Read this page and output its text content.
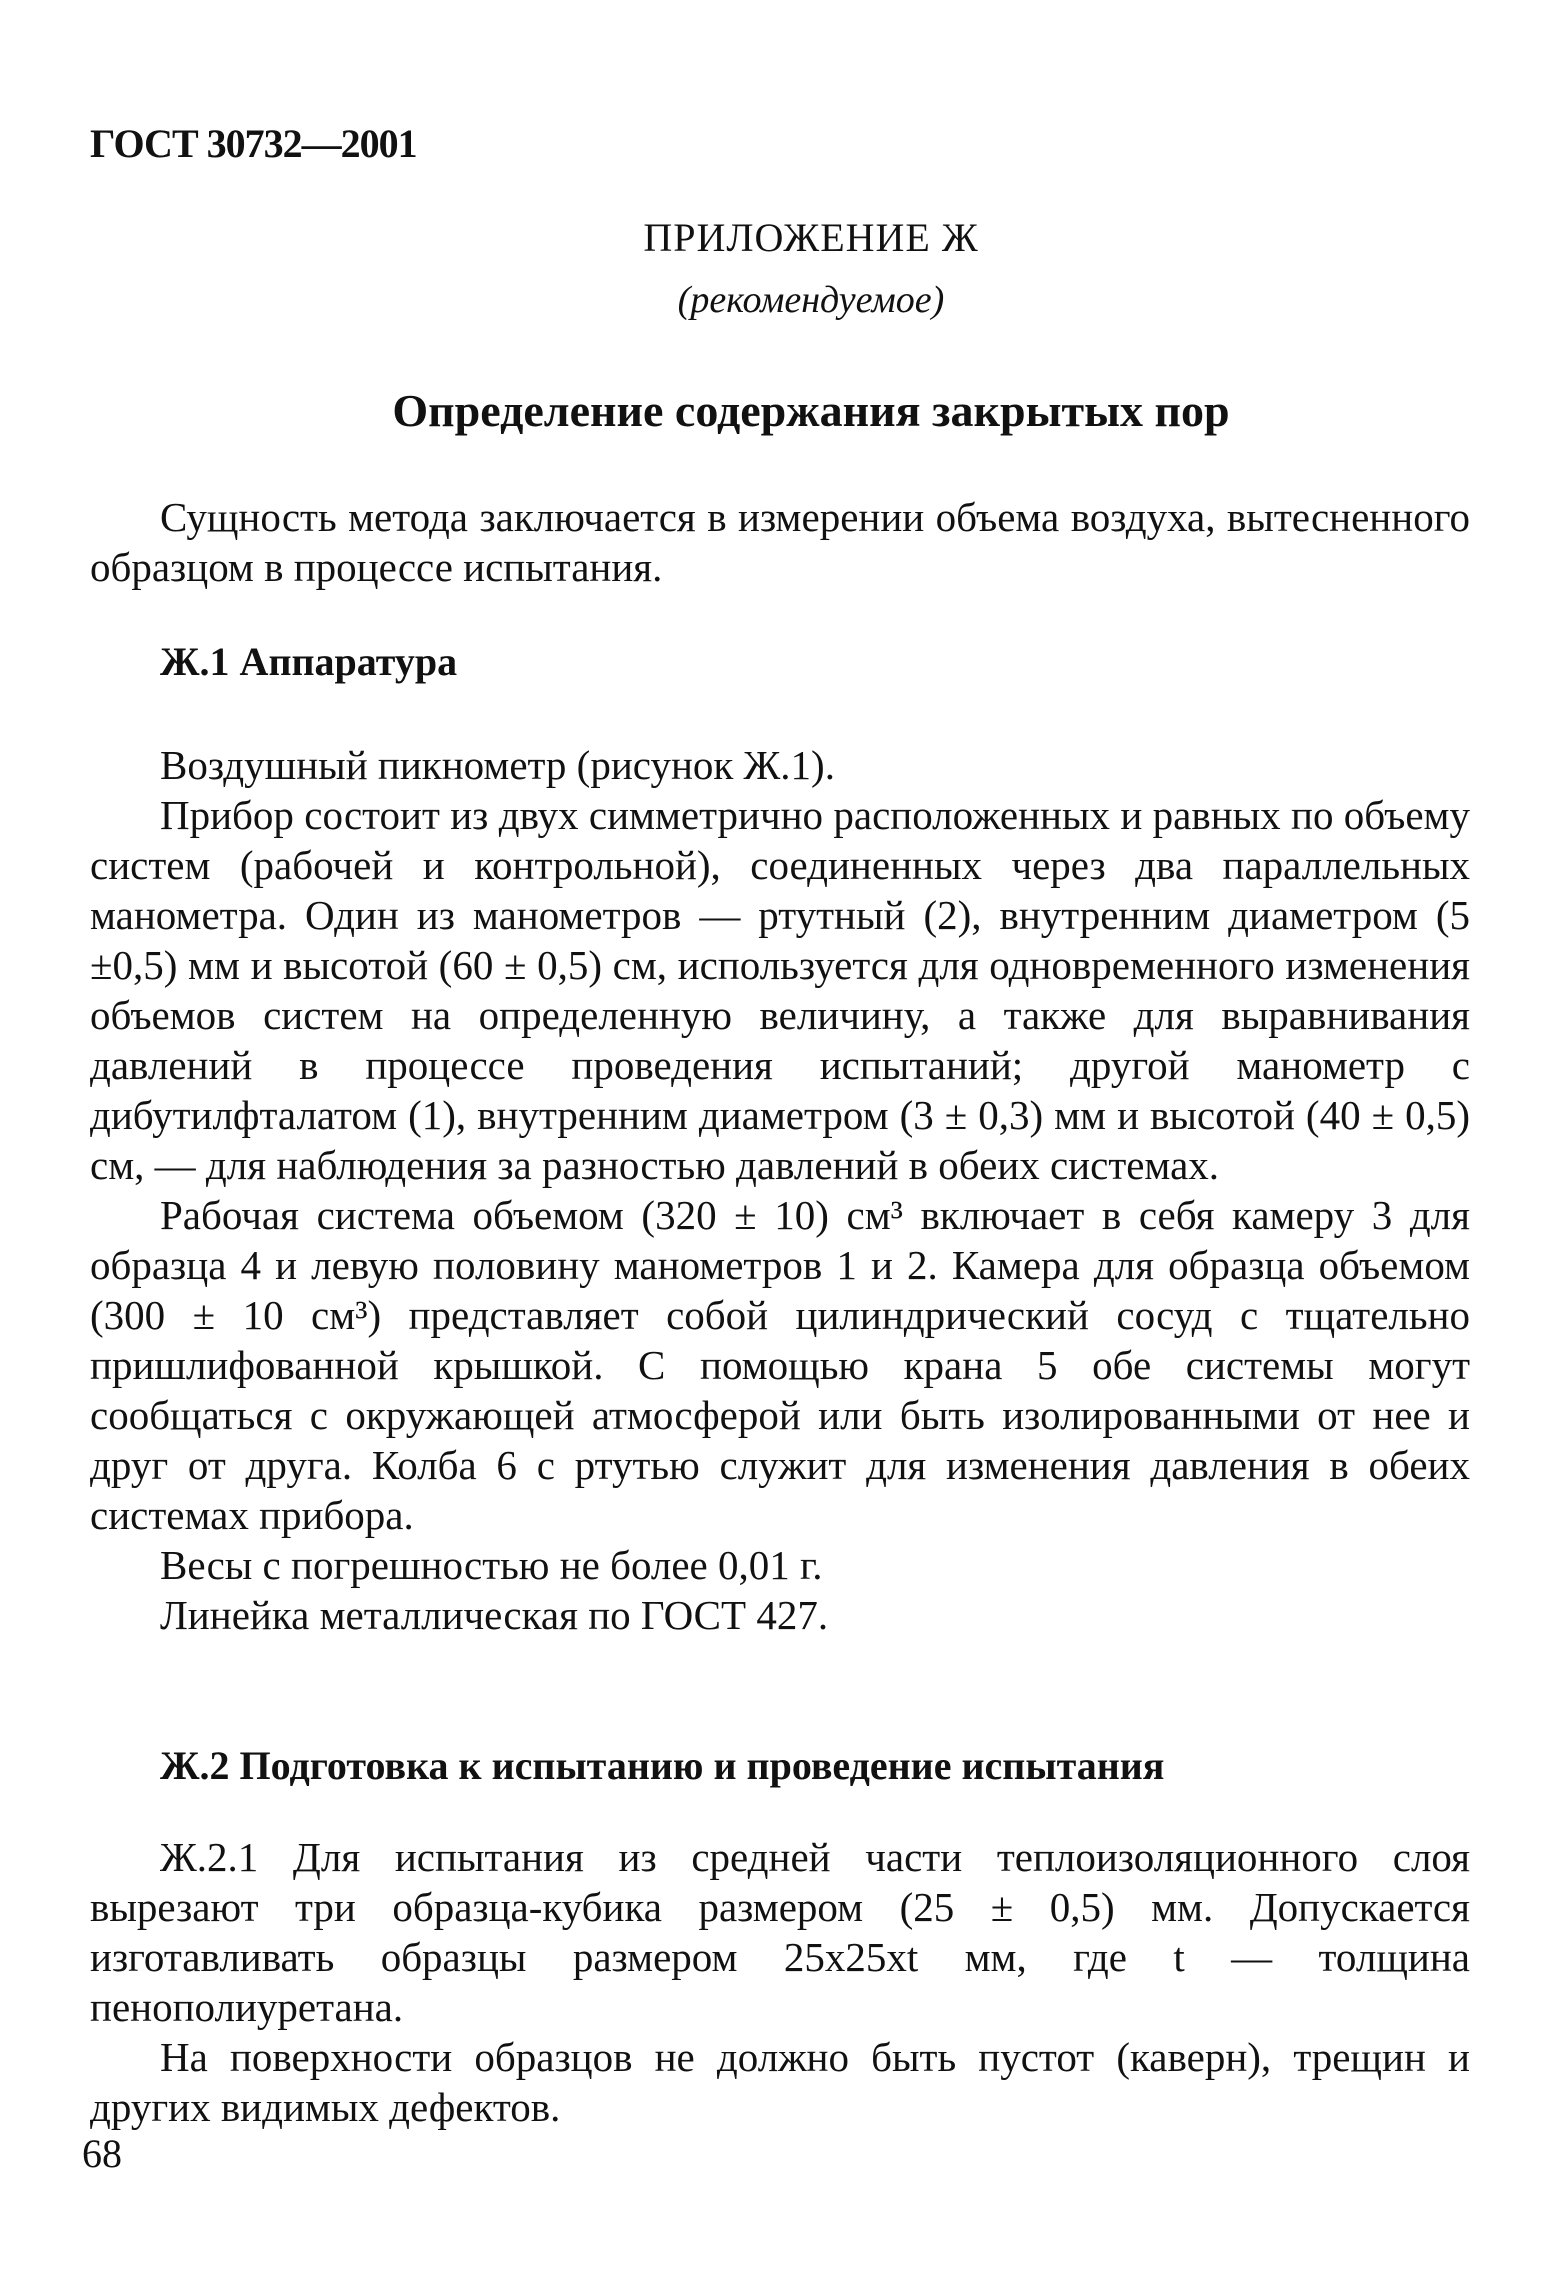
ГОСТ 30732—2001
ПРИЛОЖЕНИЕ Ж
(рекомендуемое)
Определение содержания закрытых пор

Сущность метода заключается в измерении объема воздуха, вытесненного образцом в процессе испытания.

Ж.1 Аппаратура

Воздушный пикнометр (рисунок Ж.1).

Прибор состоит из двух симметрично расположенных и равных по объему систем (рабочей и контрольной), соединенных через два параллельных манометра. Один из манометров — ртутный (2), внутренним диаметром (5 ±0,5) мм и высотой (60 ± 0,5) см, используется для одновременного изменения объемов систем на определенную величину, а также для выравнивания давлений в процессе проведения испытаний; другой манометр с дибутилфталатом (1), внутренним диаметром (3 ± 0,3) мм и высотой (40 ± 0,5) см, — для наблюдения за разностью давлений в обеих системах.

Рабочая система объемом (320 ± 10) см³ включает в себя камеру 3 для образца 4 и левую половину манометров 1 и 2. Камера для образца объемом (300 ± 10 см³) представляет собой цилиндрический сосуд с тщательно пришлифованной крышкой. С помощью крана 5 обе системы могут сообщаться с окружающей атмосферой или быть изолированными от нее и друг от друга. Колба 6 с ртутью служит для изменения давления в обеих системах прибора.

Весы с погрешностью не более 0,01 г.

Линейка металлическая по ГОСТ 427.

Ж.2 Подготовка к испытанию и проведение испытания

Ж.2.1 Для испытания из средней части теплоизоляционного слоя вырезают три образца-кубика размером (25 ± 0,5) мм. Допускается изготавливать образцы размером 25х25хt мм, где t — толщина пенополиуретана.

На поверхности образцов не должно быть пустот (каверн), трещин и других видимых дефектов.

68
